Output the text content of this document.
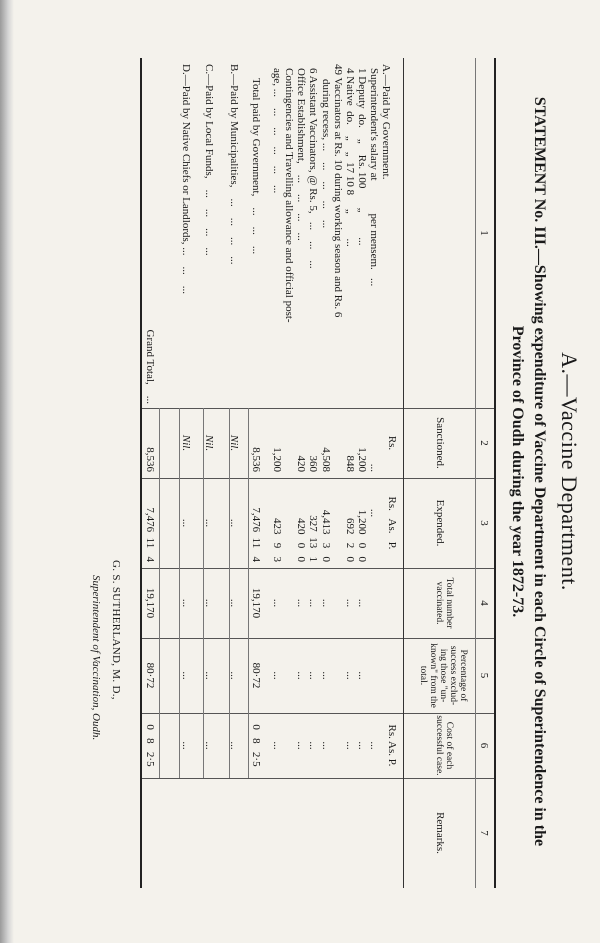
A.—Vaccine Department.
STATEMENT No. III.—Showing expenditure of Vaccine Department in each Circle of Superintendence in the
Province of Oudh during the year 1872-73.
1
2
3
4
5
6
7
Sanctioned.
Expended.
Total number vaccinated.
Percentage of success exclud-ing those "un-known" from the total.
Cost of each successful case.
Remarks.
Rs.
Rs.   As.   P.
Rs. As. P.
A.—Paid by Government.
Superintendent's salary at            per mensem.   ...
1 Deputy  do.    „    Rs. 100       „         ...
4 Native  do.    „    „  17 10 8     „         ...
49 Vaccinators at Rs. 10 during working season and Rs. 6
during recess, ...    ...    ...    ...    ...
6 Assistant Vaccinators, @ Rs. 5,   ...    ...    ...
Office Establishment,    ...    ...    ...    ...
Contingencies and Travelling allowance and official post-
age, ...    ...    ...    ...    ...    ...
Total paid by Government,    ...    ...    ...
B.—Paid by Municipalities,    ...    ...    ...    ...
C.—Paid by Local Funds,    ...    ...    ...    ...
D.—Paid by Native Chiefs or Landlords, ...    ...    ...
Grand Total,    ...
...
1,200
848
4,508
360
420
1,200
8,536
Nil.
Nil.
Nil.
8,536
...
1,200   0   0
692   2   0
4,413   3   0
327  13   1
420   0   0
423   9   3
7,476  11   4
...
...
...
7,476  11   4
...
...
...
...
...
...
19,170
...
...
...
19,170
...
...
...
...
...
...
80·72
...
...
...
80·72
...
...
...
...
...
...
...
0   8   2·5
...
...
...
0   8   2·5
G. S. SUTHERLAND, M. D.,
Superintendent of Vaccination, Oudh.
